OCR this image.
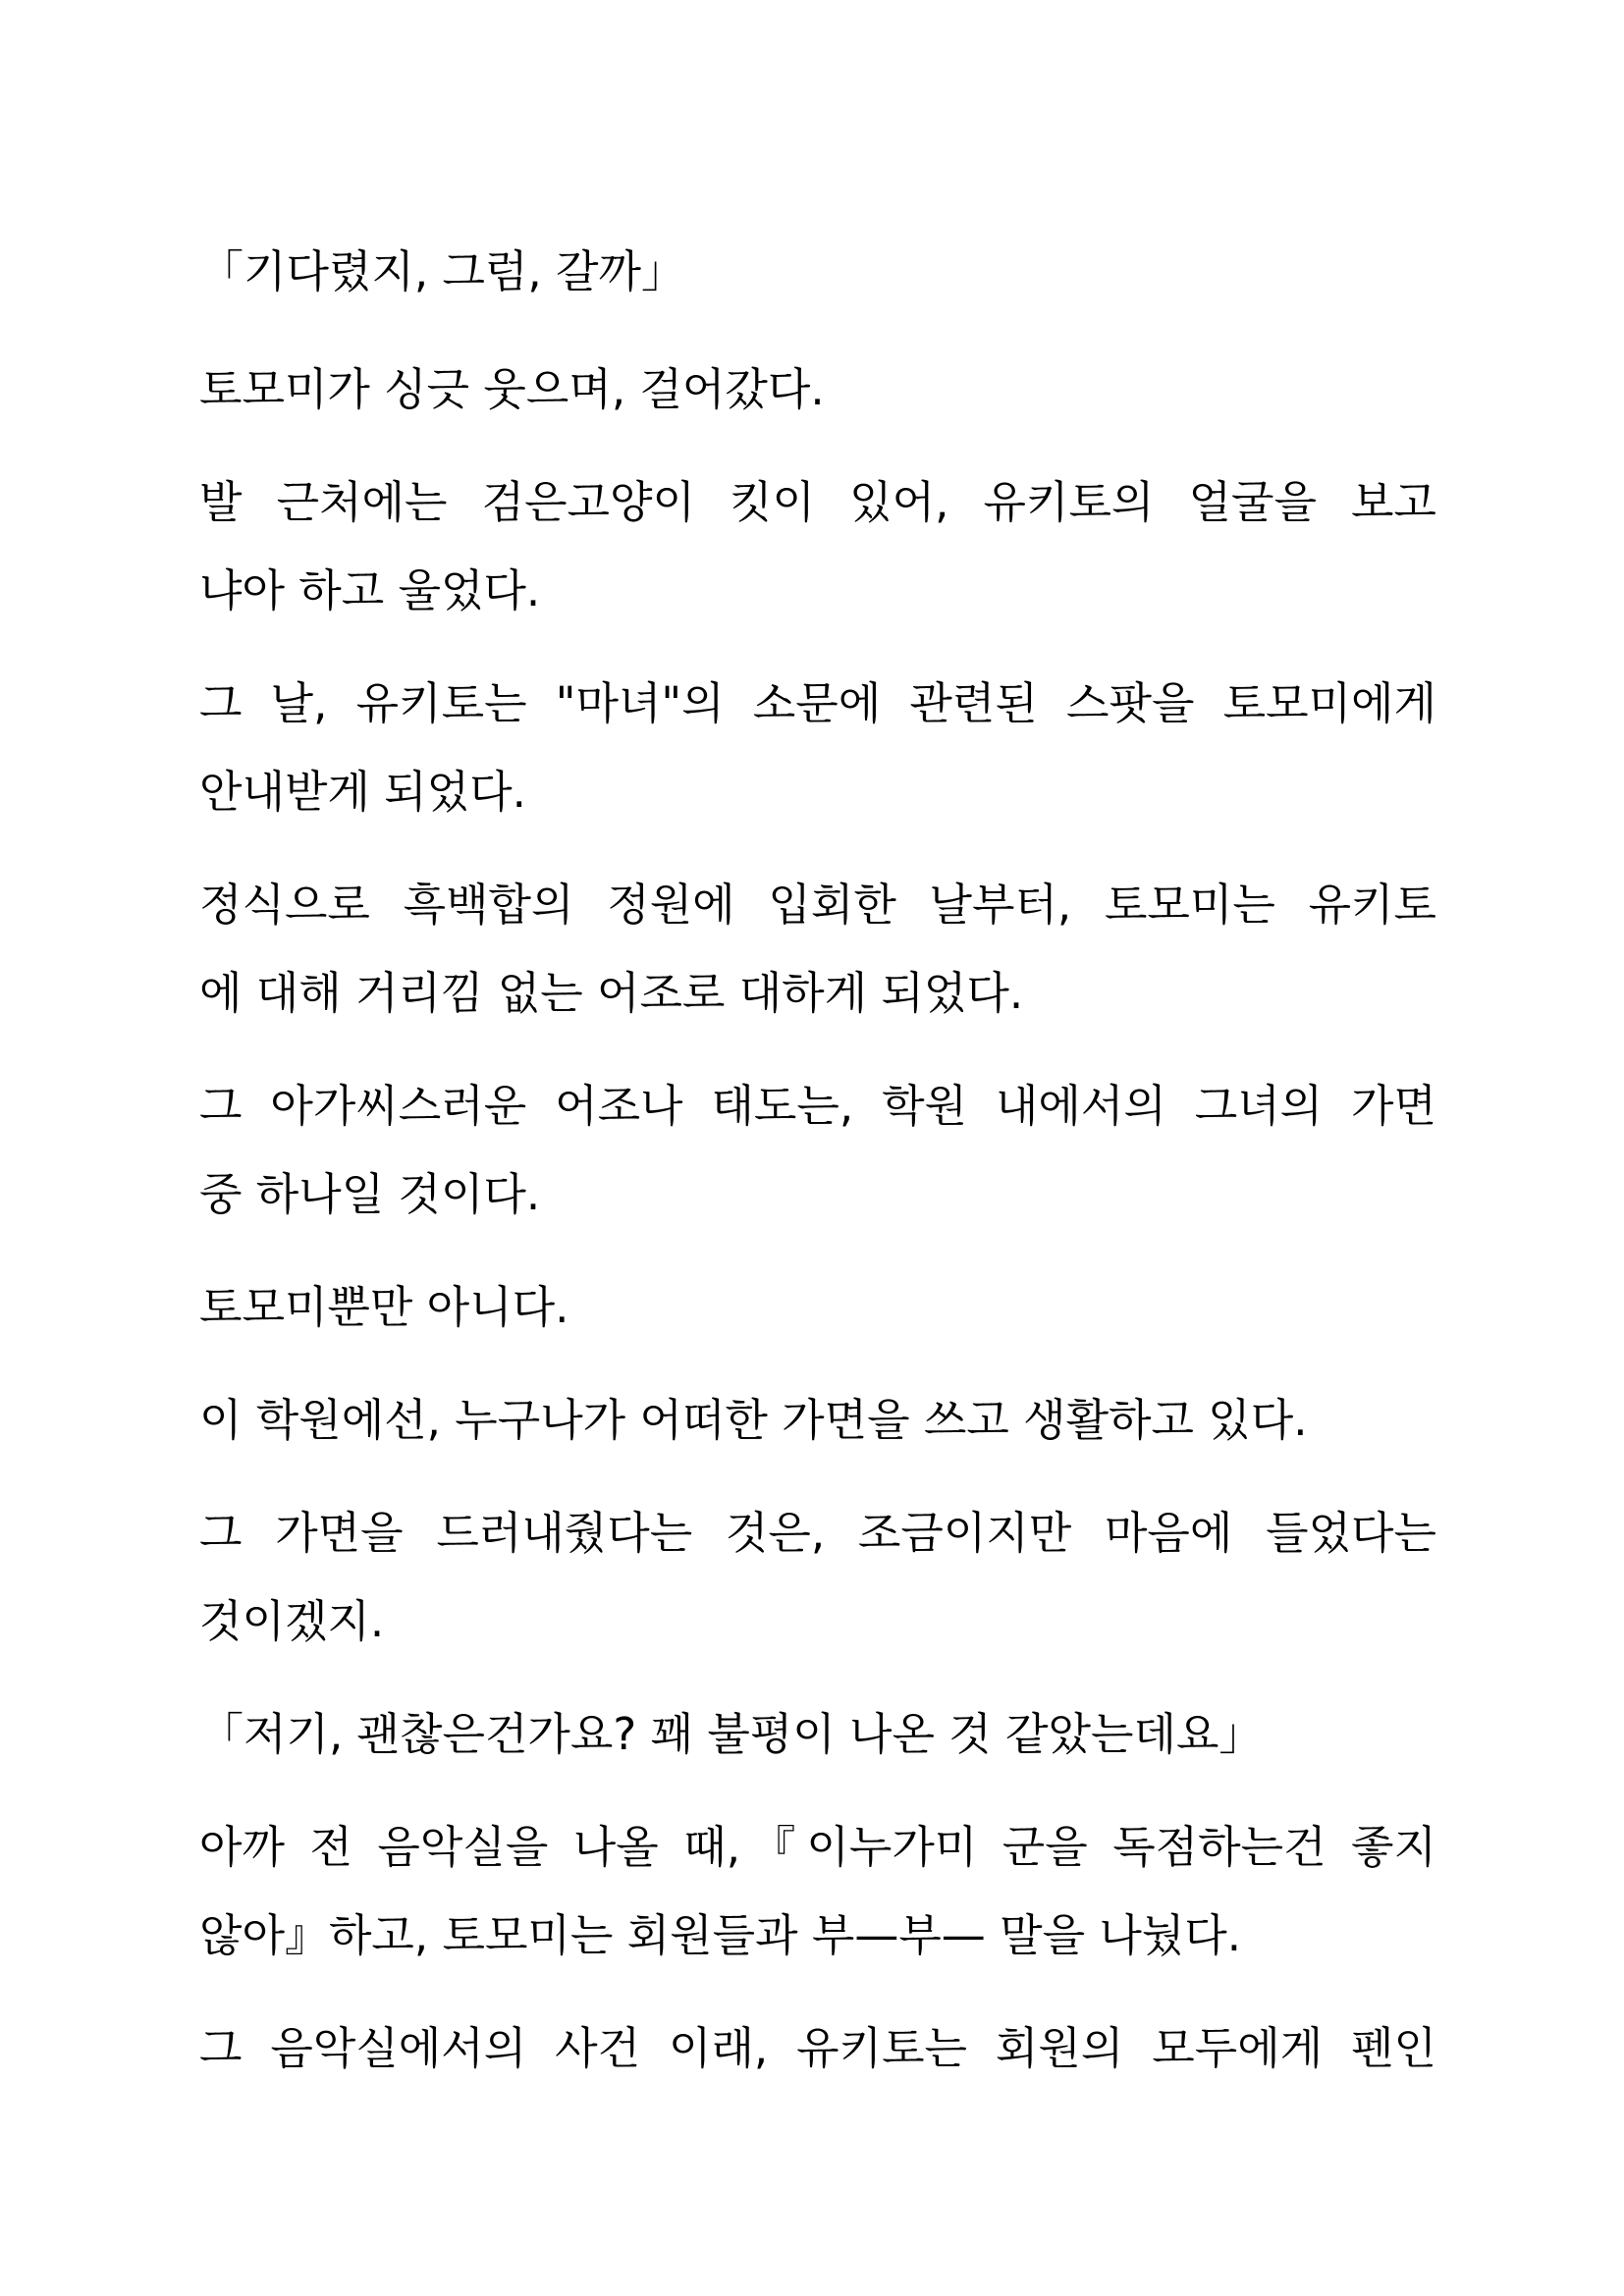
「기다렸지, 그럼, 갈까」
토모미가 싱긋 웃으며, 걸어갔다.
발 근처에는 검은고양이 킷이 있어, 유키토의 얼굴을 보고
냐아 하고 울었다.
그 날, 유키토는 "마녀"의 소문에 관련된 스팟을 토모미에게
안내받게 되었다.
정식으로 흑백합의 정원에 입회한 날부터, 토모미는 유키토
에 대해 거리낌 없는 어조로 대하게 되었다.
그 아가씨스러운 어조나 태도는, 학원 내에서의 그녀의 가면
중 하나일 것이다.
토모미뿐만 아니다.
이 학원에선, 누구나가 어떠한 가면을 쓰고 생활하고 있다.
그 가면을 드러내줬다는 것은, 조금이지만 마음에 들었다는
것이겠지.
「저기, 괜찮은건가요? 꽤 불평이 나온 것 같았는데요」
아까 전 음악실을 나올 때,『이누가미 군을 독점하는건 좋지
않아』하고, 토모미는 회원들과 부—부— 말을 나눴다.
그 음악실에서의 사건 이래, 유키토는 회원의 모두에게 펜인
